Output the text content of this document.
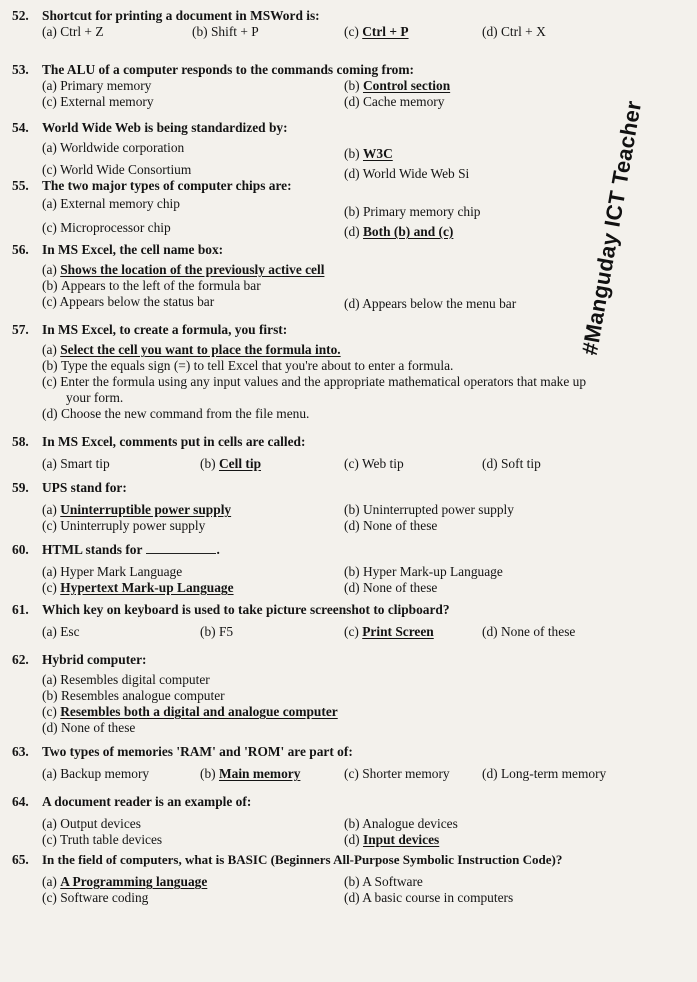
52. Shortcut for printing a document in MSWord is:
(a) Ctrl + Z	(b) Shift + P	(c) Ctrl + P	(d) Ctrl + X
53. The ALU of a computer responds to the commands coming from:
(a) Primary memory	(b) Control section
(c) External memory	(d) Cache memory
54. World Wide Web is being standardized by:
(a) Worldwide corporation	(b) W3C
(c) World Wide Consortium	(d) World Wide Web Si
55. The two major types of computer chips are:
(a) External memory chip
(b) Primary memory chip
(c) Microprocessor chip	(d) Both (b) and (c)
56. In MS Excel, the cell name box:
(a)
Shows the location of the previously active cell
(b)
Appears to the left of the formula bar
(c) Appears below the status bar	(d) Appears below the menu bar
57. In MS Excel, to create a formula, you first:
(a)
Select the cell you want to place the formula into.
(b)
Type the equals sign (=) to tell Excel that you're about to enter a formula.
(c)
Enter the formula using any input values and the appropriate mathematical operators that make up
your form.
(d)
Choose the new command from the file menu.
58. In MS Excel, comments put in cells are called:
(a) Smart tip	(b) Cell tip	(c) Web tip	(d) Soft tip
59. UPS stand for:
(a) Uninterruptible power supply	(b) Uninterrupted power supply
(c) Uninterruply power supply	(d) None of these
60. HTML stands for	.
(a) Hyper Mark Language	(b) Hyper Mark-up Language
(c) Hypertext Mark-up Language	(d) None of these
61. Which key on keyboard is used to take picture screenshot to clipboard?
(a) Esc	(b) F5	(c) Print Screen	(d) None of these
62. Hybrid computer:
(a)
Resembles digital computer
(b)
Resembles analogue computer
(c)
Resembles both a digital and analogue computer
(d)
None of these
63. Two types of memories 'RAM' and 'ROM' are part of:
(a) Backup memory	(b) Main memory	(c) Shorter memory	(d) Long-term memory
64. A document reader is an example of:
(a) Output devices	(b) Analogue devices
(c) Truth table devices	(d) Input devices
65.	In the field of computers, what is BASIC (Beginners All-Purpose Symbolic Instruction Code)?
(a) A Programming language	(b) A Software
(c) Software coding	(d) A basic course in computers
#Manguday ICT Teacher
